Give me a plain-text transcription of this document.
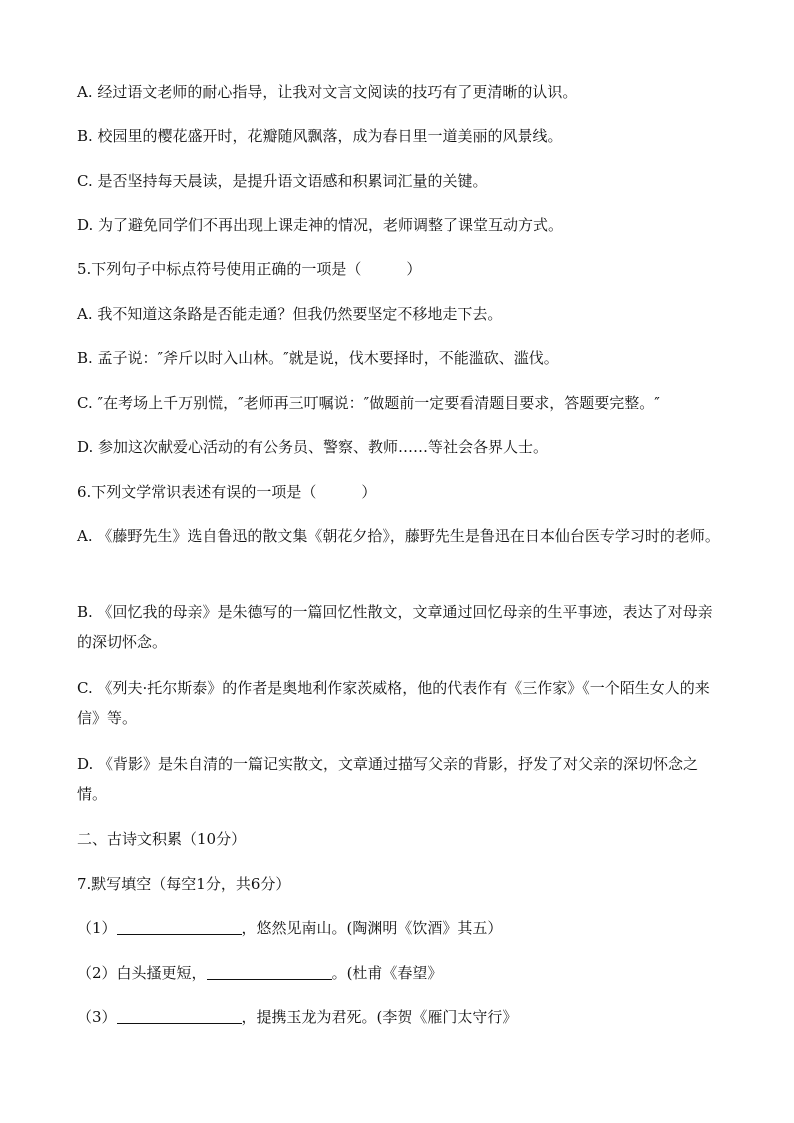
A. 经过语文老师的耐心指导，让我对文言文阅读的技巧有了更清晰的认识。
B. 校园里的樱花盛开时，花瓣随风飘落，成为春日里一道美丽的风景线。
C. 是否坚持每天晨读，是提升语文语感和积累词汇量的关键。
D. 为了避免同学们不再出现上课走神的情况，老师调整了课堂互动方式。
5.下列句子中标点符号使用正确的一项是（　　　）
A. 我不知道这条路是否能走通？但我仍然要坚定不移地走下去。
B. 孟子说：″斧斤以时入山林。″就是说，伐木要择时，不能滥砍、滥伐。
C. ″在考场上千万别慌，″老师再三叮嘱说：″做题前一定要看清题目要求，答题要完整。″
D. 参加这次献爱心活动的有公务员、警察、教师……等社会各界人士。
6.下列文学常识表述有误的一项是（　　　）
A. 《藤野先生》选自鲁迅的散文集《朝花夕拾》，藤野先生是鲁迅在日本仙台医专学习时的老师。
B. 《回忆我的母亲》是朱德写的一篇回忆性散文，文章通过回忆母亲的生平事迹，表达了对母亲的深切怀念。
C. 《列夫·托尔斯泰》的作者是奥地利作家茨威格，他的代表作有《三作家》《一个陌生女人的来信》等。
D. 《背影》是朱自清的一篇记实散文，文章通过描写父亲的背影，抒发了对父亲的深切怀念之情。
二、古诗文积累（10分）
7.默写填空（每空1分，共6分）
（1）	，悠然见南山。(陶渊明《饮酒》其五）
（2）白头搔更短，	。(杜甫《春望》
（3）	，提携玉龙为君死。(李贺《雁门太守行》
